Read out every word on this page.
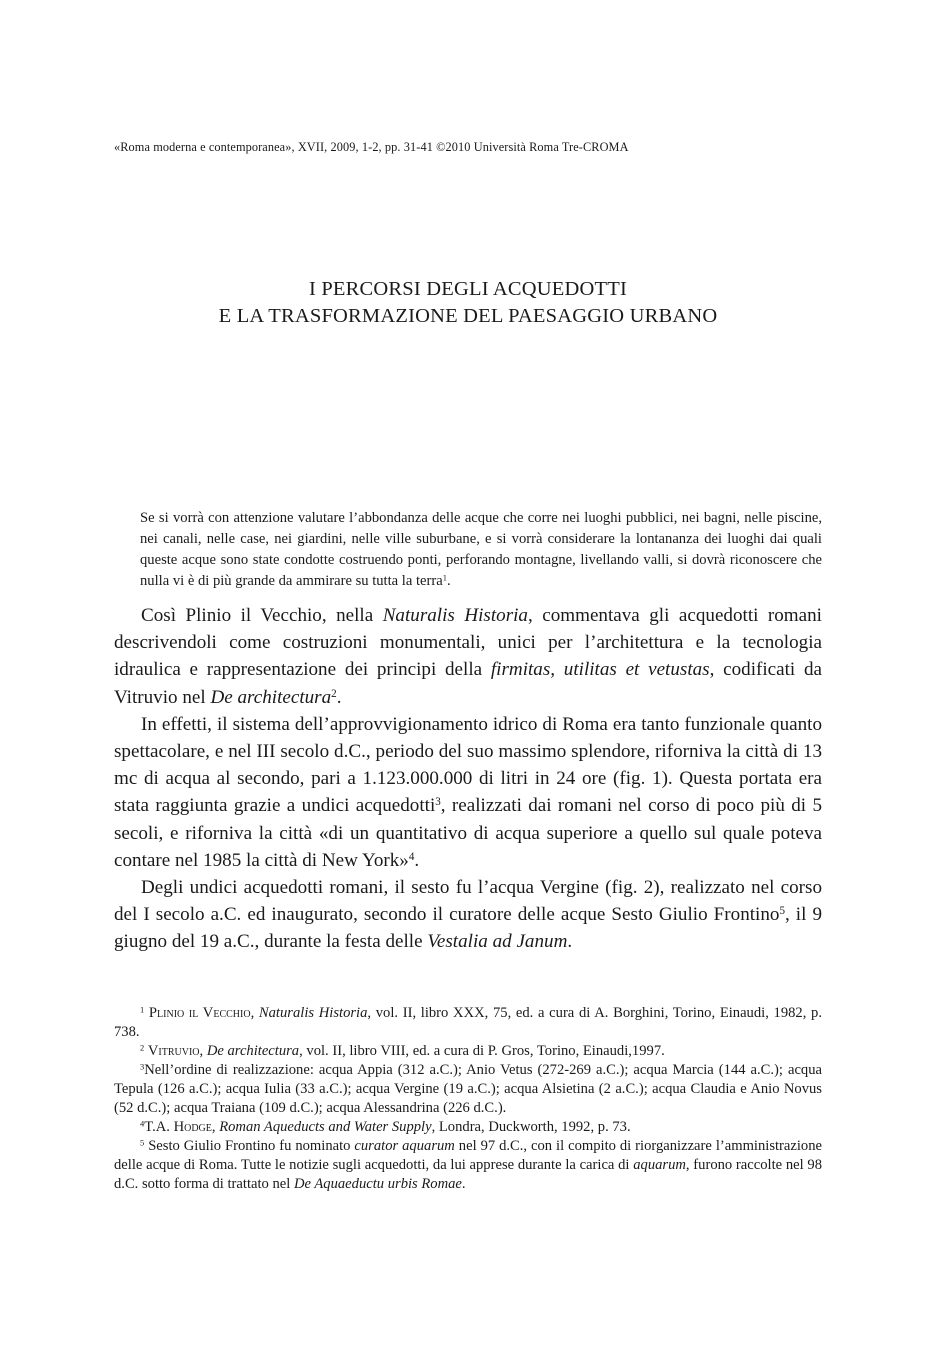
«Roma moderna e contemporanea», XVII, 2009, 1-2, pp. 31-41 ©2010 Università Roma Tre-CROMA
I PERCORSI DEGLI ACQUEDOTTI
E LA TRASFORMAZIONE DEL PAESAGGIO URBANO

Se si vorrà con attenzione valutare l’abbondanza delle acque che corre nei luoghi pubblici, nei bagni, nelle piscine, nei canali, nelle case, nei giardini, nelle ville suburbane, e si vorrà considerare la lontananza dei luoghi dai quali queste acque sono state condotte costruendo ponti, perforando montagne, livellando valli, si dovrà riconoscere che nulla vi è di più grande da ammirare su tutta la terra$^1$.

Così Plinio il Vecchio, nella Naturalis Historia, commentava gli acquedotti romani descrivendoli come costruzioni monumentali, unici per l’architettura e la tecnologia idraulica e rappresentazione dei principi della firmitas, utilitas et vetustas, codificati da Vitruvio nel De architectura$^2$.

In effetti, il sistema dell’approvvigionamento idrico di Roma era tanto funzionale quanto spettacolare, e nel III secolo d.C., periodo del suo massimo splendore, riforniva la città di 13 mc di acqua al secondo, pari a 1.123.000.000 di litri in 24 ore (fig. 1). Questa portata era stata raggiunta grazie a undici acquedotti$^3$, realizzati dai romani nel corso di poco più di 5 secoli, e riforniva la città «di un quantitativo di acqua superiore a quello sul quale poteva contare nel 1985 la città di New York»$^4$.

Degli undici acquedotti romani, il sesto fu l’acqua Vergine (fig. 2), realizzato nel corso del I secolo a.C. ed inaugurato, secondo il curatore delle acque Sesto Giulio Frontino$^5$, il 9 giugno del 19 a.C., durante la festa delle Vestalia ad Janum.

$^1$ Plinio il Vecchio, Naturalis Historia, vol. II, libro XXX, 75, ed. a cura di A. Borghini, Torino, Einaudi, 1982, p. 738.

$^2$ Vitruvio, De architectura, vol. II, libro VIII, ed. a cura di P. Gros, Torino, Einaudi,1997.

$^3$Nell’ordine di realizzazione: acqua Appia (312 a.C.); Anio Vetus (272-269 a.C.); acqua Marcia (144 a.C.); acqua Tepula (126 a.C.); acqua Iulia (33 a.C.); acqua Vergine (19 a.C.); acqua Alsietina (2 a.C.); acqua Claudia e Anio Novus (52 d.C.); acqua Traiana (109 d.C.); acqua Alessandrina (226 d.C.).

$^4$T.A. Hodge, Roman Aqueducts and Water Supply, Londra, Duckworth, 1992, p. 73.

$^5$ Sesto Giulio Frontino fu nominato curator aquarum nel 97 d.C., con il compito di riorganizzare l’amministrazione delle acque di Roma. Tutte le notizie sugli acquedotti, da lui apprese durante la carica di aquarum, furono raccolte nel 98 d.C. sotto forma di trattato nel De Aquaeductu urbis Romae.
